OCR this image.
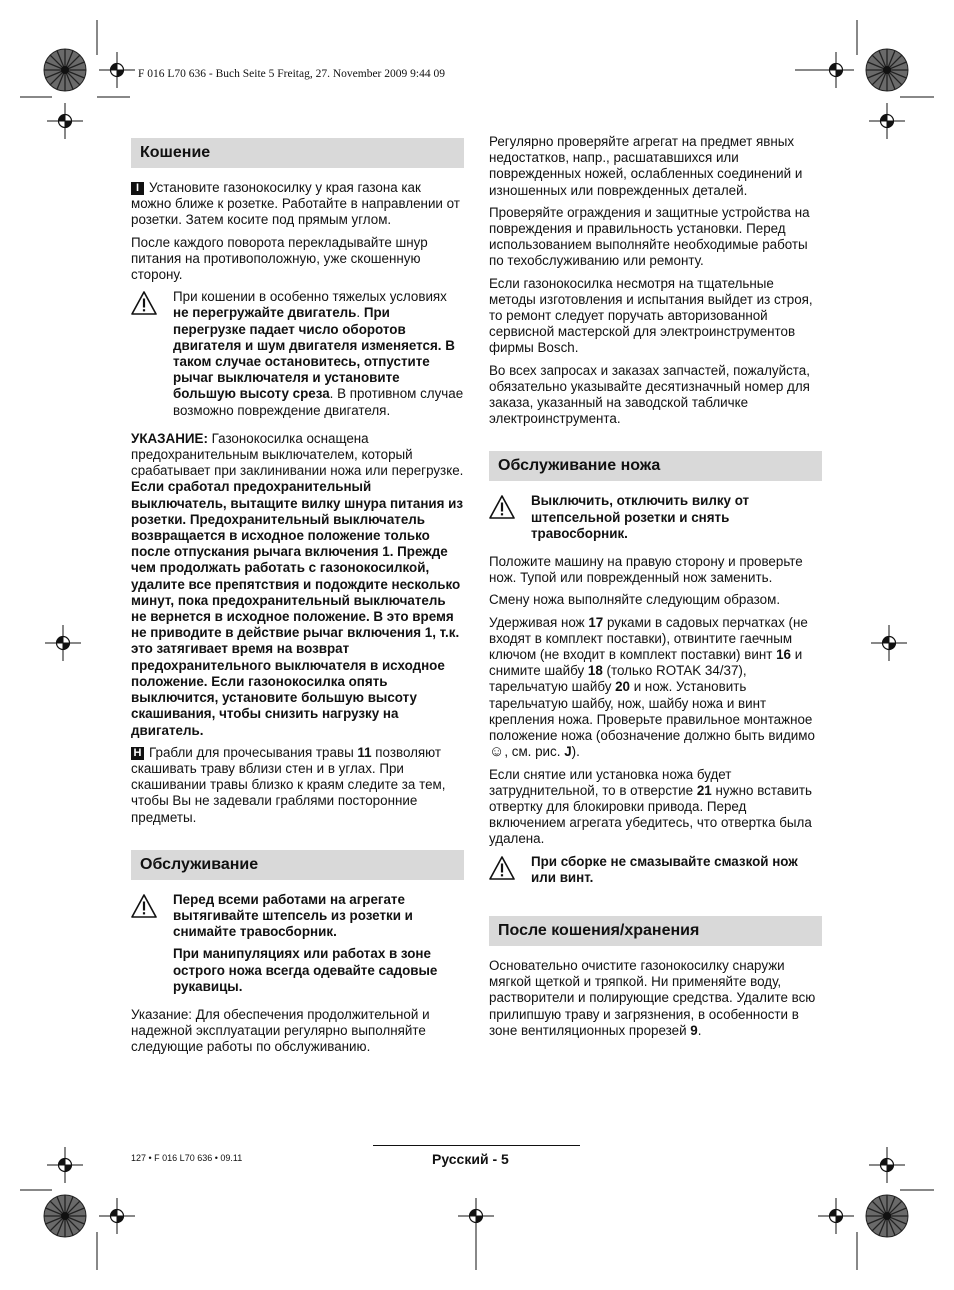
F 016 L70 636 - Buch Seite 5 Freitag, 27. November 2009 9:44 09
Кошение

I Установите газонокосилку у края газона как можно ближе к розетке. Работайте в направлении от розетки. Затем косите под прямым углом.

После каждого поворота перекладывайте шнур питания на противоположную, уже скошенную сторону.

При кошении в особенно тяжелых условиях не перегружайте двигатель. При перегрузке падает число оборотов двигателя и шум двигателя изменяется. В таком случае остановитесь, отпустите рычаг выключателя и установите большую высоту среза. В противном случае возможно повреждение двигателя.

УКАЗАНИЕ: Газонокосилка оснащена предохранительным выключателем, который срабатывает при заклинивании ножа или перегрузке. Если сработал предохранительный выключатель, вытащите вилку шнура питания из розетки. Предохранительный выключатель возвращается в исходное положение только после отпускания рычага включения 1. Прежде чем продолжать работать с газонокосилкой, удалите все препятствия и подождите несколько минут, пока предохранительный выключатель не вернется в исходное положение. В это время не приводите в действие рычаг включения 1, т.к. это затягивает время на возврат предохранительного выключателя в исходное положение. Если газонокосилка опять выключится, установите большую высоту скашивания, чтобы снизить нагрузку на двигатель.

H Грабли для прочесывания травы 11 позволяют скашивать траву вблизи стен и в углах. При скашивании травы близко к краям следите за тем, чтобы Вы не задевали граблями посторонние предметы.

Обслуживание

Перед всеми работами на агрегате вытягивайте штепсель из розетки и снимайте травосборник.

При манипуляциях или работах в зоне острого ножа всегда одевайте садовые рукавицы.

Указание: Для обеспечения продолжительной и надежной эксплуатации регулярно выполняйте следующие работы по обслуживанию.

Регулярно проверяйте агрегат на предмет явных недостатков, напр., расшатавшихся или поврежденных ножей, ослабленных соединений и изношенных или поврежденных деталей.

Проверяйте ограждения и защитные устройства на повреждения и правильность установки. Перед использованием выполняйте необходимые работы по техобслуживанию или ремонту.

Если газонокосилка несмотря на тщательные методы изготовления и испытания выйдет из строя, то ремонт следует поручать авторизованной сервисной мастерской для электроинструментов фирмы Bosch.

Во всех запросах и заказах запчастей, пожалуйста, обязательно указывайте десятизначный номер для заказа, указанный на заводской табличке электроинструмента.

Обслуживание ножа

Выключить, отключить вилку от штепсельной розетки и снять травосборник.

Положите машину на правую сторону и проверьте нож. Тупой или поврежденный нож заменить.

Смену ножа выполняйте следующим образом.

Удерживая нож 17 руками в садовых перчатках (не входят в комплект поставки), отвинтите гаечным ключом (не входит в комплект поставки) винт 16 и снимите шайбу 18 (только ROTAK 34/37), тарельчатую шайбу 20 и нож. Установить тарельчатую шайбу, нож, шайбу ножа и винт крепления ножа. Проверьте правильное монтажное положение ножа (обозначение должно быть видимо ☺, см. рис. J).

Если снятие или установка ножа будет затруднительной, то в отверстие 21 нужно вставить отвертку для блокировки привода. Перед включением агрегата убедитесь, что отвертка была удалена.

При сборке не смазывайте смазкой нож или винт.

После кошения/хранения

Основательно очистите газонокосилку снаружи мягкой щеткой и тряпкой. Ни применяйте воду, растворители и полирующие средства. Удалите всю прилипшую траву и загрязнения, в особенности в зоне вентиляционных прорезей 9.

127 • F 016 L70 636 • 09.11	Русский - 5
